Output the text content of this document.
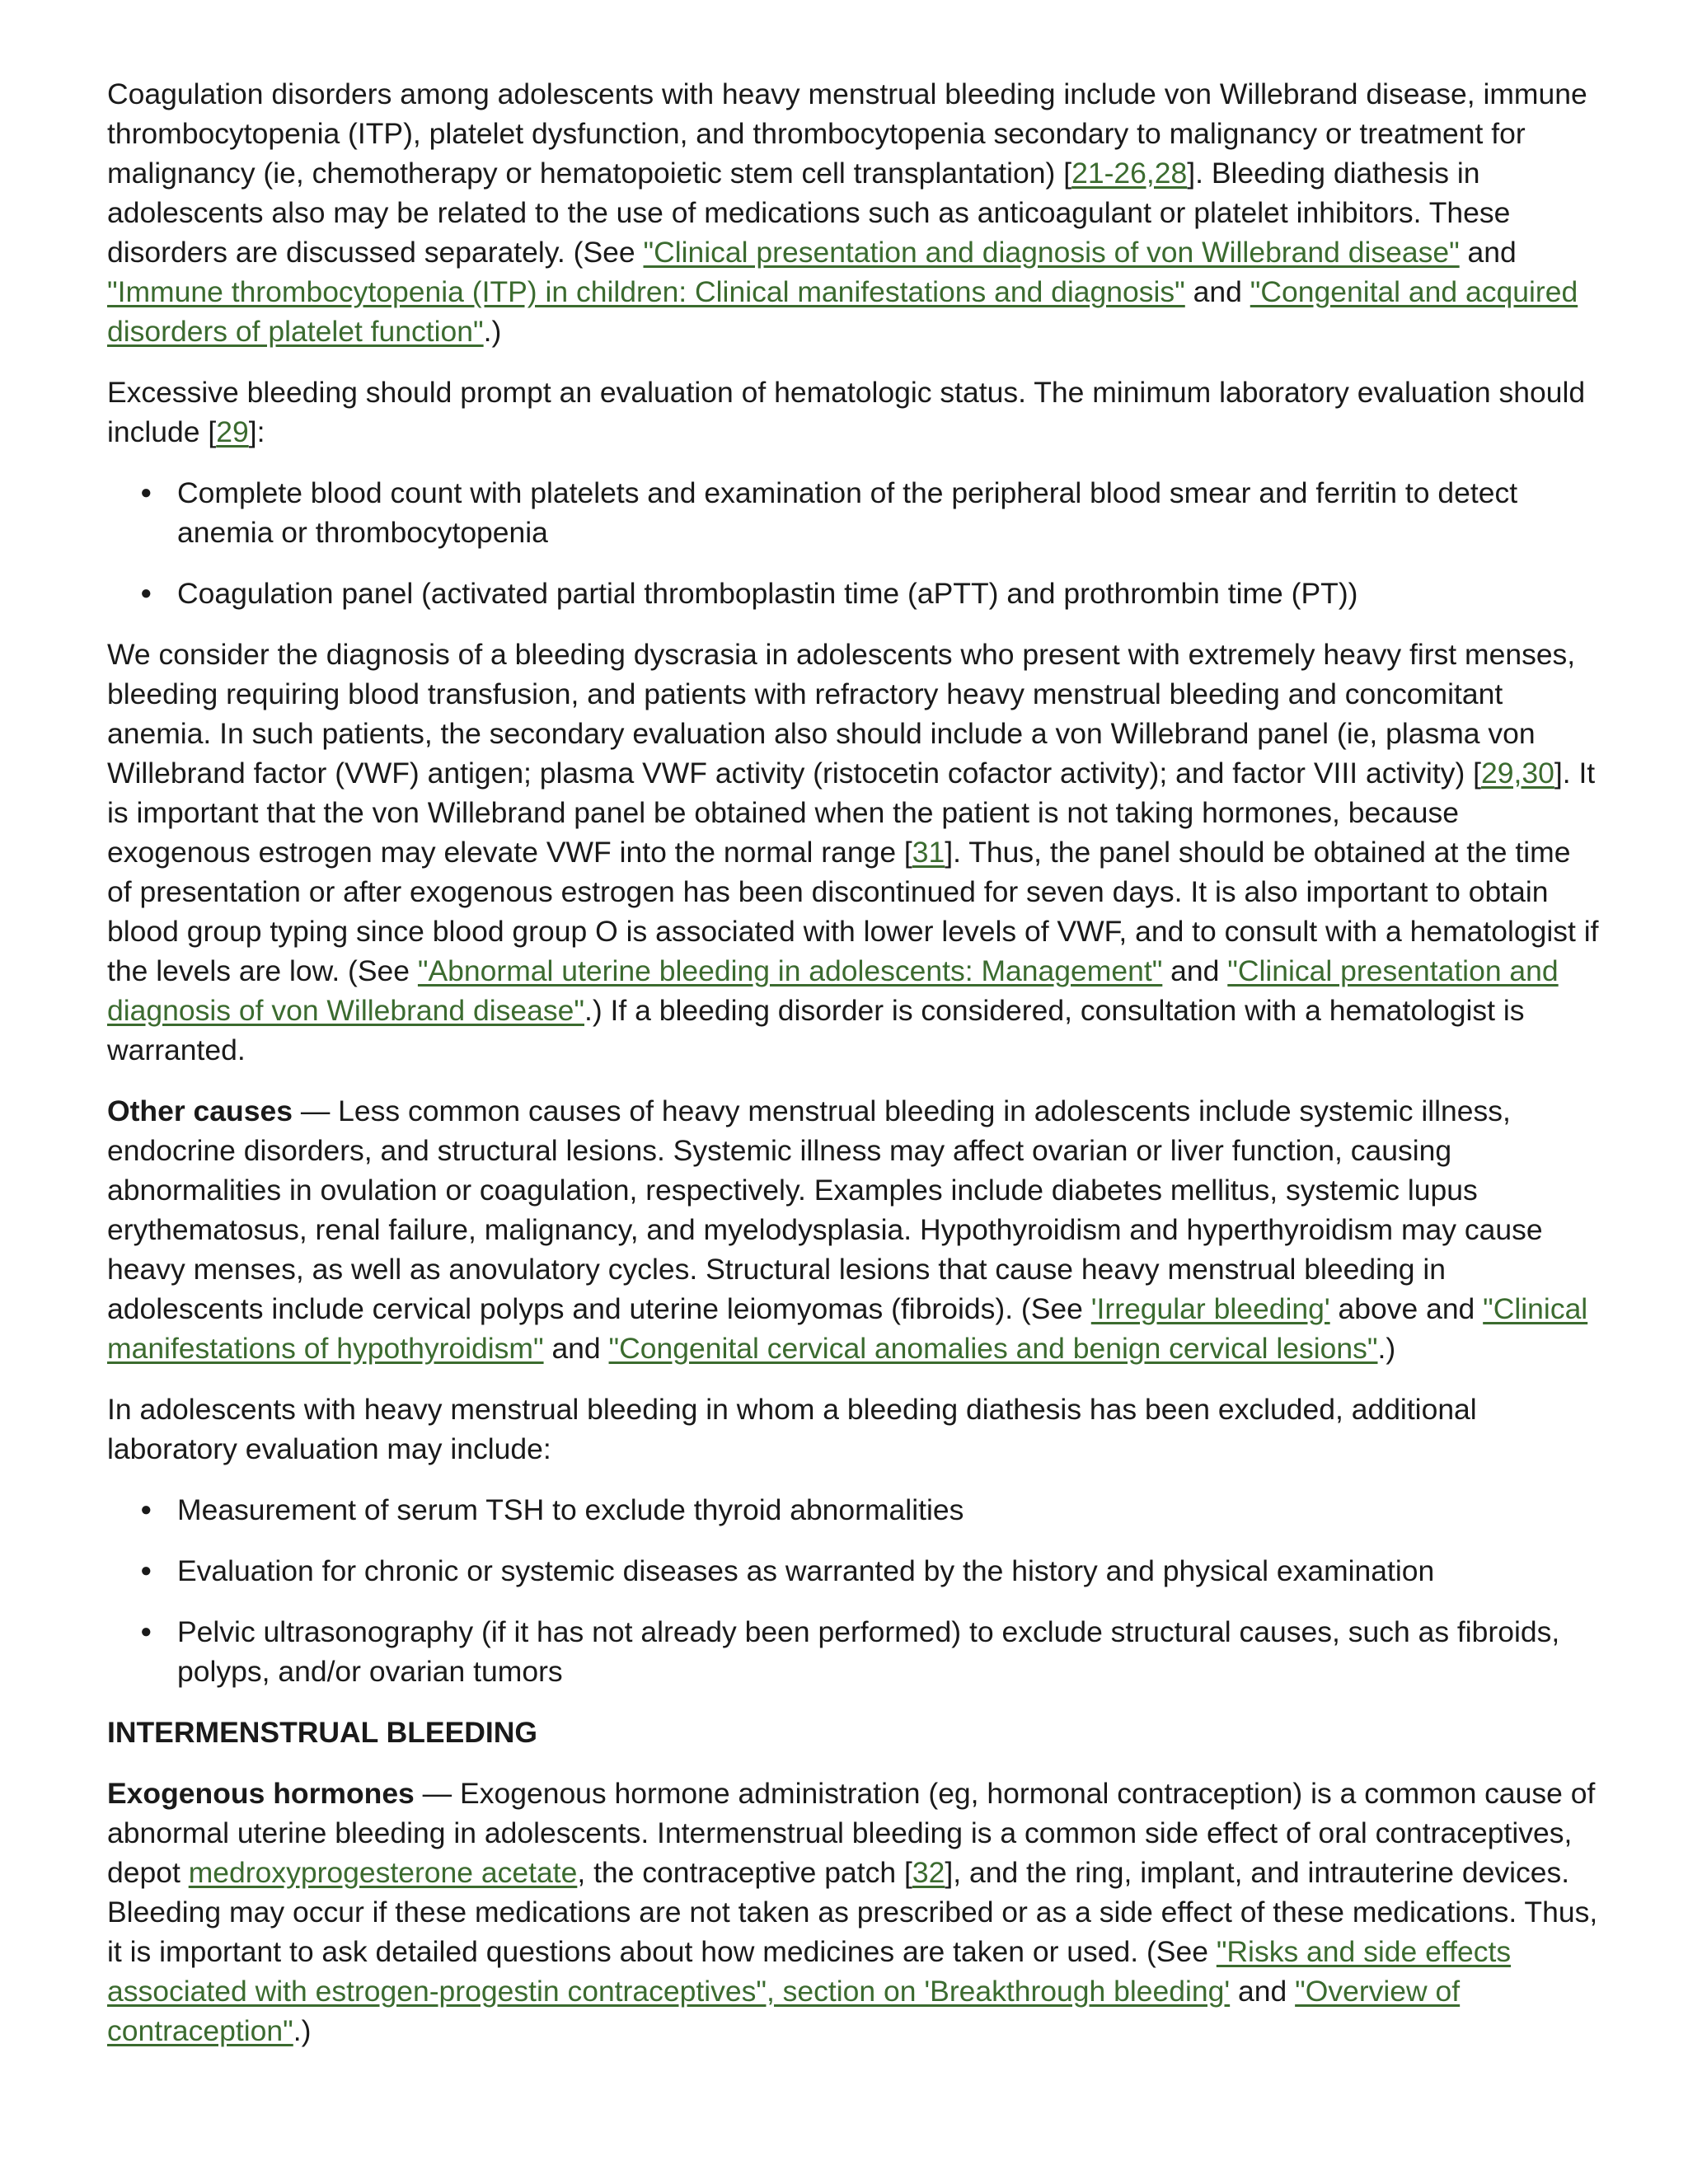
Coagulation disorders among adolescents with heavy menstrual bleeding include von Willebrand disease, immune thrombocytopenia (ITP), platelet dysfunction, and thrombocytopenia secondary to malignancy or treatment for malignancy (ie, chemotherapy or hematopoietic stem cell transplantation) [21-26,28]. Bleeding diathesis in adolescents also may be related to the use of medications such as anticoagulant or platelet inhibitors. These disorders are discussed separately. (See "Clinical presentation and diagnosis of von Willebrand disease" and "Immune thrombocytopenia (ITP) in children: Clinical manifestations and diagnosis" and "Congenital and acquired disorders of platelet function".)

Excessive bleeding should prompt an evaluation of hematologic status. The minimum laboratory evaluation should include [29]:

● Complete blood count with platelets and examination of the peripheral blood smear and ferritin to detect anemia or thrombocytopenia
● Coagulation panel (activated partial thromboplastin time (aPTT) and prothrombin time (PT))

We consider the diagnosis of a bleeding dyscrasia in adolescents who present with extremely heavy first menses, bleeding requiring blood transfusion, and patients with refractory heavy menstrual bleeding and concomitant anemia. In such patients, the secondary evaluation also should include a von Willebrand panel (ie, plasma von Willebrand factor (VWF) antigen; plasma VWF activity (ristocetin cofactor activity); and factor VIII activity) [29,30]. It is important that the von Willebrand panel be obtained when the patient is not taking hormones, because exogenous estrogen may elevate VWF into the normal range [31]. Thus, the panel should be obtained at the time of presentation or after exogenous estrogen has been discontinued for seven days. It is also important to obtain blood group typing since blood group O is associated with lower levels of VWF, and to consult with a hematologist if the levels are low. (See "Abnormal uterine bleeding in adolescents: Management" and "Clinical presentation and diagnosis of von Willebrand disease".) If a bleeding disorder is considered, consultation with a hematologist is warranted.

Other causes — Less common causes of heavy menstrual bleeding in adolescents include systemic illness, endocrine disorders, and structural lesions. Systemic illness may affect ovarian or liver function, causing abnormalities in ovulation or coagulation, respectively. Examples include diabetes mellitus, systemic lupus erythematosus, renal failure, malignancy, and myelodysplasia. Hypothyroidism and hyperthyroidism may cause heavy menses, as well as anovulatory cycles. Structural lesions that cause heavy menstrual bleeding in adolescents include cervical polyps and uterine leiomyomas (fibroids). (See 'Irregular bleeding' above and "Clinical manifestations of hypothyroidism" and "Congenital cervical anomalies and benign cervical lesions".)

In adolescents with heavy menstrual bleeding in whom a bleeding diathesis has been excluded, additional laboratory evaluation may include:

● Measurement of serum TSH to exclude thyroid abnormalities
● Evaluation for chronic or systemic diseases as warranted by the history and physical examination
● Pelvic ultrasonography (if it has not already been performed) to exclude structural causes, such as fibroids, polyps, and/or ovarian tumors
INTERMENSTRUAL BLEEDING

Exogenous hormones — Exogenous hormone administration (eg, hormonal contraception) is a common cause of abnormal uterine bleeding in adolescents. Intermenstrual bleeding is a common side effect of oral contraceptives, depot medroxyprogesterone acetate, the contraceptive patch [32], and the ring, implant, and intrauterine devices. Bleeding may occur if these medications are not taken as prescribed or as a side effect of these medications. Thus, it is important to ask detailed questions about how medicines are taken or used. (See "Risks and side effects associated with estrogen-progestin contraceptives", section on 'Breakthrough bleeding' and "Overview of contraception".)
